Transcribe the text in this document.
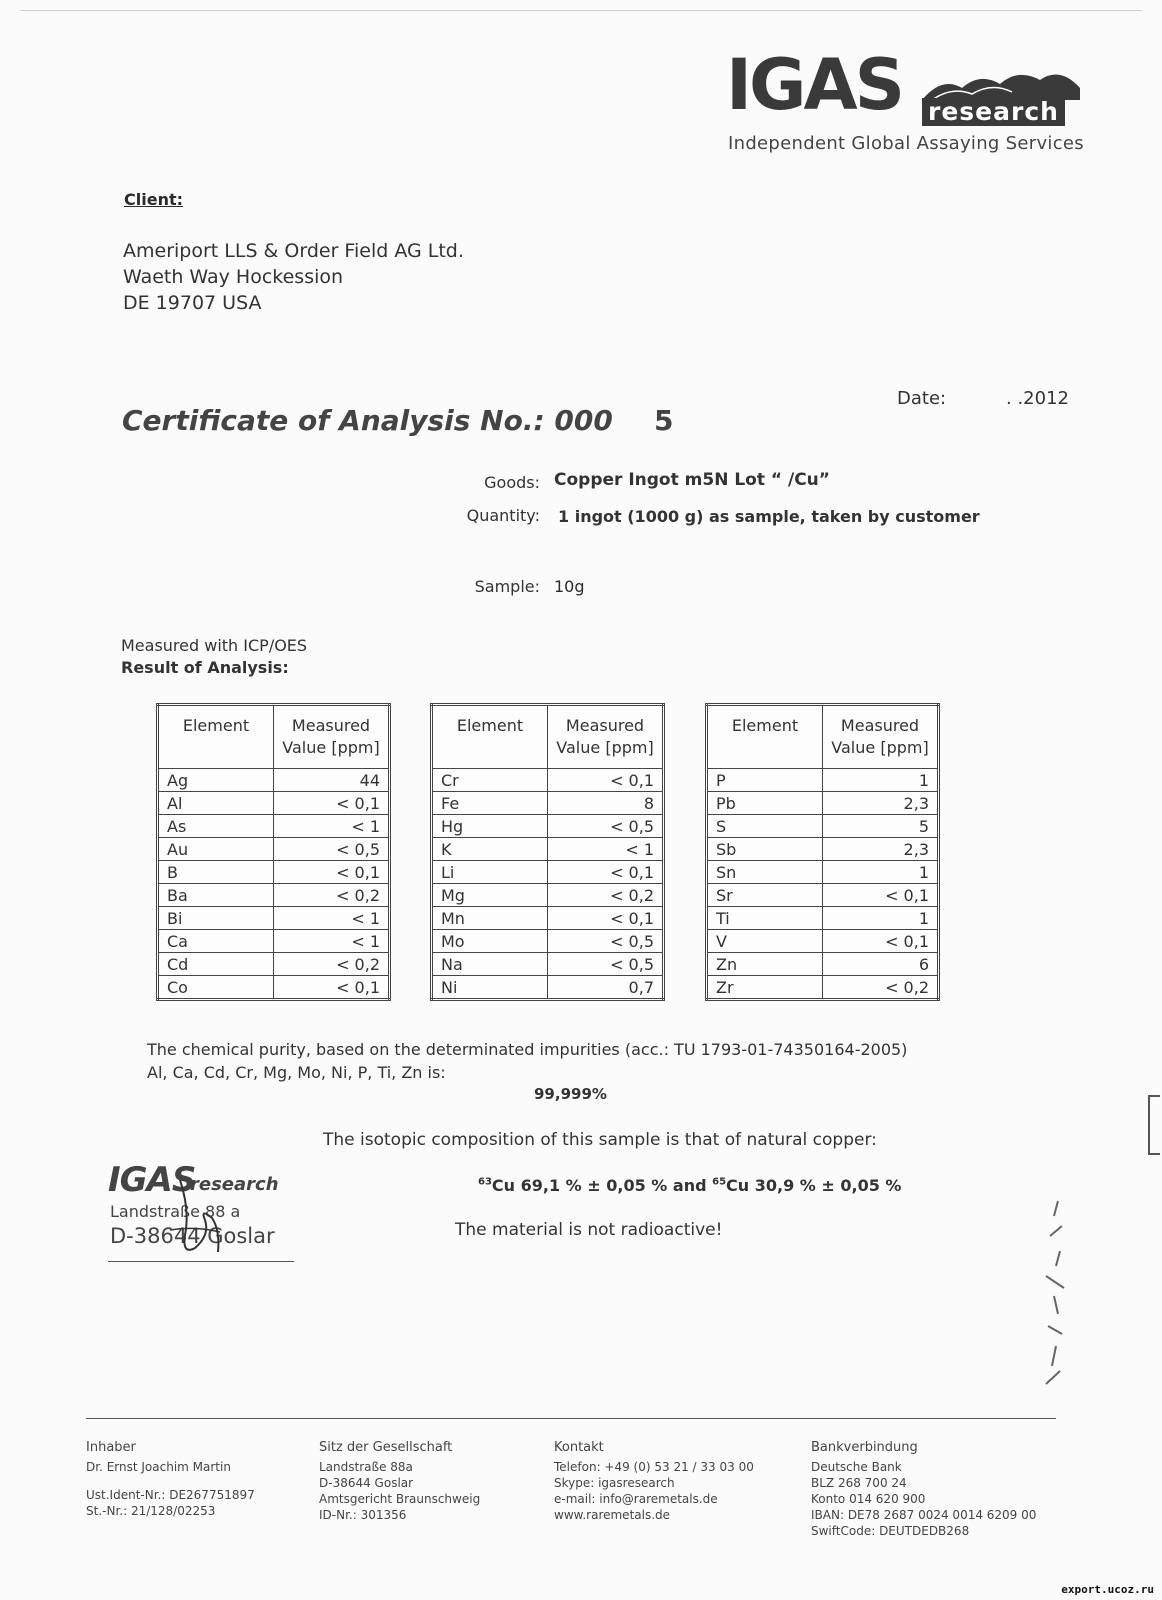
IGAS research
Independent Global Assaying Services
Client:
Ameriport LLS & Order Field AG Ltd.
Waeth Way Hockession
DE 19707 USA
Certificate of Analysis No.: 000 5
Date:	. .2012
Goods: Copper Ingot m5N Lot “ /Cu”
Quantity: 1 ingot (1000 g) as sample, taken by customer
Sample: 10g
Measured with ICP/OES
Result of Analysis:
Element	Measured
Value [ppm]

Ag	44
Al	< 0,1
As	< 1
Au	< 0,5
B	< 0,1
Ba	< 0,2
Bi	< 1
Ca	< 1
Cd	< 0,2
Co	< 0,1
Element	Measured
Value [ppm]

Cr	< 0,1
Fe	8
Hg	< 0,5
K	< 1
Li	< 0,1
Mg	< 0,2
Mn	< 0,1
Mo	< 0,5
Na	< 0,5
Ni	0,7
Element	Measured
Value [ppm]

P	1
Pb	2,3
S	5
Sb	2,3
Sn	1
Sr	< 0,1
Ti	1
V	< 0,1
Zn	6
Zr	< 0,2
The chemical purity, based on the determinated impurities (acc.: TU 1793-01-74350164-2005)
Al, Ca, Cd, Cr, Mg, Mo, Ni, P, Ti, Zn is:
99,999%
The isotopic composition of this sample is that of natural copper:
$^{63}$Cu 69,1 % ± 0,05 % and $^{65}$Cu 30,9 % ± 0,05 %
The material is not radioactive!
IGAS
research
Landstraße 88 a
D-38644 Goslar
Inhaber
Dr. Ernst Joachim Martin
Ust.Ident-Nr.: DE267751897
St.-Nr.: 21/128/02253
Sitz der Gesellschaft
Landstraße 88a
D-38644 Goslar
Amtsgericht Braunschweig
ID-Nr.: 301356
Kontakt
Telefon: +49 (0) 53 21 / 33 03 00
Skype: igasresearch
e-mail: info@raremetals.de
www.raremetals.de
Bankverbindung
Deutsche Bank
BLZ 268 700 24
Konto 014 620 900
IBAN: DE78 2687 0024 0014 6209 00
SwiftCode: DEUTDEDB268
export.ucoz.ru
